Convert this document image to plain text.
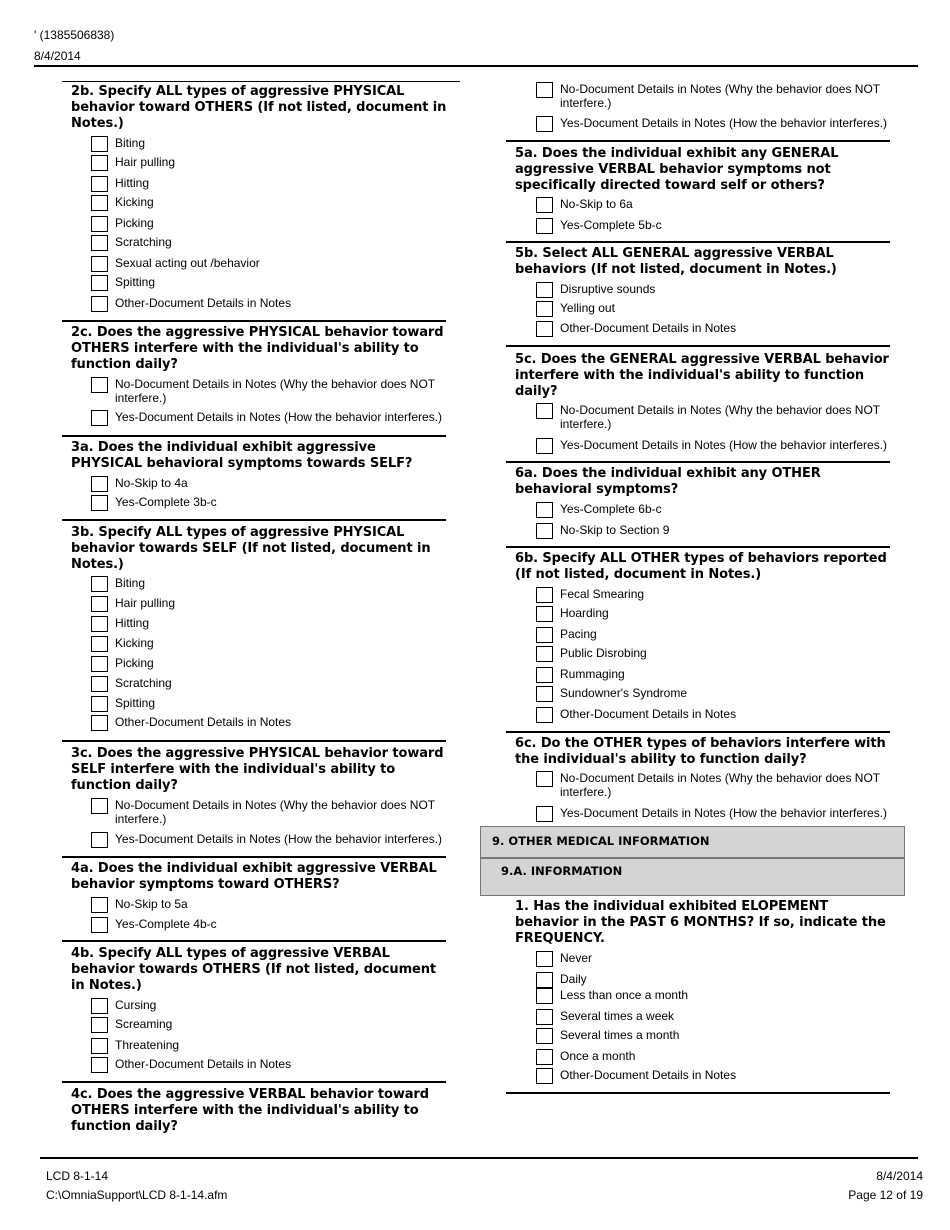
' (1385506838)
8/4/2014
2b. Specify ALL types of aggressive PHYSICAL behavior toward OTHERS (If not listed, document in Notes.)
Biting
Hair pulling
Hitting
Kicking
Picking
Scratching
Sexual acting out /behavior
Spitting
Other-Document Details in Notes
2c. Does the aggressive PHYSICAL behavior toward OTHERS interfere with the individual's ability to function daily?
No-Document Details in Notes (Why the behavior does NOT interfere.)
Yes-Document Details in Notes (How the behavior interferes.)
3a. Does the individual exhibit aggressive PHYSICAL behavioral symptoms towards SELF?
No-Skip to 4a
Yes-Complete 3b-c
3b. Specify ALL types of aggressive PHYSICAL behavior towards SELF (If not listed, document in Notes.)
Biting
Hair pulling
Hitting
Kicking
Picking
Scratching
Spitting
Other-Document Details in Notes
3c. Does the aggressive PHYSICAL behavior toward SELF interfere with the individual's ability to function daily?
No-Document Details in Notes (Why the behavior does NOT interfere.)
Yes-Document Details in Notes (How the behavior interferes.)
4a. Does the individual exhibit aggressive VERBAL behavior symptoms toward OTHERS?
No-Skip to 5a
Yes-Complete 4b-c
4b. Specify ALL types of aggressive VERBAL behavior towards OTHERS (If not listed, document in Notes.)
Cursing
Screaming
Threatening
Other-Document Details in Notes
4c. Does the aggressive VERBAL behavior toward OTHERS interfere with the individual's ability to function daily?
No-Document Details in Notes (Why the behavior does NOT interfere.)
Yes-Document Details in Notes (How the behavior interferes.)
5a. Does the individual exhibit any GENERAL aggressive VERBAL behavior symptoms not specifically directed toward self or others?
No-Skip to 6a
Yes-Complete 5b-c
5b. Select ALL GENERAL aggressive VERBAL behaviors (If not listed, document in Notes.)
Disruptive sounds
Yelling out
Other-Document Details in Notes
5c. Does the GENERAL aggressive VERBAL behavior interfere with the individual's ability to function daily?
No-Document Details in Notes (Why the behavior does NOT interfere.)
Yes-Document Details in Notes (How the behavior interferes.)
6a. Does the individual exhibit any OTHER behavioral symptoms?
Yes-Complete 6b-c
No-Skip to Section 9
6b. Specify ALL OTHER types of behaviors reported (If not listed, document in Notes.)
Fecal Smearing
Hoarding
Pacing
Public Disrobing
Rummaging
Sundowner's Syndrome
Other-Document Details in Notes
6c. Do the OTHER types of behaviors interfere with the individual's ability to function daily?
No-Document Details in Notes (Why the behavior does NOT interfere.)
Yes-Document Details in Notes (How the behavior interferes.)
9. OTHER MEDICAL INFORMATION
9.A. INFORMATION
1. Has the individual exhibited ELOPEMENT behavior in the PAST 6 MONTHS? If so, indicate the FREQUENCY.
Never
Daily
Less than once a month
Several times a week
Several times a month
Once a month
Other-Document Details in Notes
LCD 8-1-14
C:\OmniaSupport\LCD 8-1-14.afm
8/4/2014
Page 12 of 19
